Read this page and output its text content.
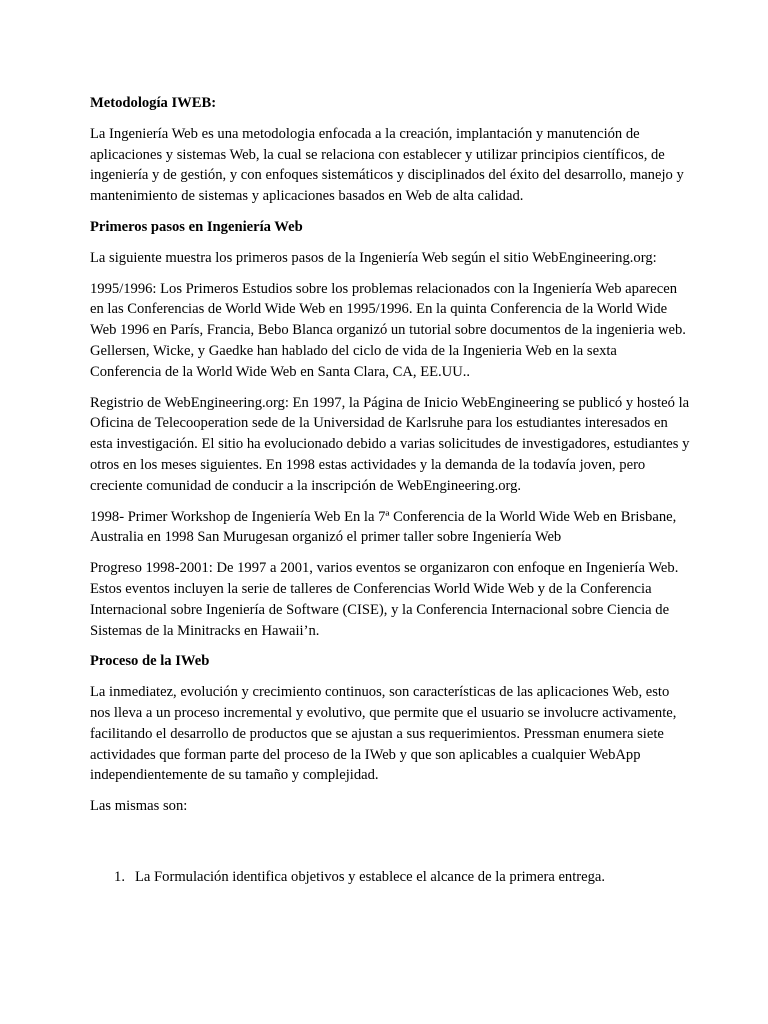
Metodología IWEB:

La Ingeniería Web es una metodologia enfocada a la creación, implantación y manutención de aplicaciones y sistemas Web, la cual se relaciona con establecer y utilizar principios científicos, de ingeniería y de gestión, y con enfoques sistemáticos y disciplinados del éxito del desarrollo, manejo y mantenimiento de sistemas y aplicaciones basados en Web de alta calidad.

Primeros pasos en Ingeniería Web

La siguiente muestra los primeros pasos de la Ingeniería Web según el sitio WebEngineering.org:

1995/1996: Los Primeros Estudios sobre los problemas relacionados con la Ingeniería Web aparecen en las Conferencias de World Wide Web en 1995/1996. En la quinta Conferencia de la World Wide Web 1996 en París, Francia, Bebo Blanca organizó un tutorial sobre documentos de la ingenieria web. Gellersen, Wicke, y Gaedke han hablado del ciclo de vida de la Ingenieria Web en la sexta Conferencia de la World Wide Web en Santa Clara, CA, EE.UU..

Registrio de WebEngineering.org: En 1997, la Página de Inicio WebEngineering se publicó y hosteó la Oficina de Telecooperation sede de la Universidad de Karlsruhe para los estudiantes interesados en esta investigación. El sitio ha evolucionado debido a varias solicitudes de investigadores, estudiantes y otros en los meses siguientes. En 1998 estas actividades y la demanda de la todavía joven, pero creciente comunidad de conducir a la inscripción de WebEngineering.org.

1998- Primer Workshop de Ingeniería Web En la 7ª Conferencia de la World Wide Web en Brisbane, Australia en 1998 San Murugesan organizó el primer taller sobre Ingeniería Web

Progreso 1998-2001: De 1997 a 2001, varios eventos se organizaron con enfoque en Ingeniería Web. Estos eventos incluyen la serie de talleres de Conferencias World Wide Web y de la Conferencia Internacional sobre Ingeniería de Software (CISE), y la Conferencia Internacional sobre Ciencia de Sistemas de la Minitracks en Hawaii’n.

Proceso de la IWeb

La inmediatez, evolución y crecimiento continuos, son características de las aplicaciones Web, esto nos lleva a un proceso incremental y evolutivo, que permite que el usuario se involucre activamente, facilitando el desarrollo de productos que se ajustan a sus requerimientos. Pressman enumera siete actividades que forman parte del proceso de la IWeb y que son aplicables a cualquier WebApp independientemente de su tamaño y complejidad.

Las mismas son:

1. La Formulación identifica objetivos y establece el alcance de la primera entrega.
